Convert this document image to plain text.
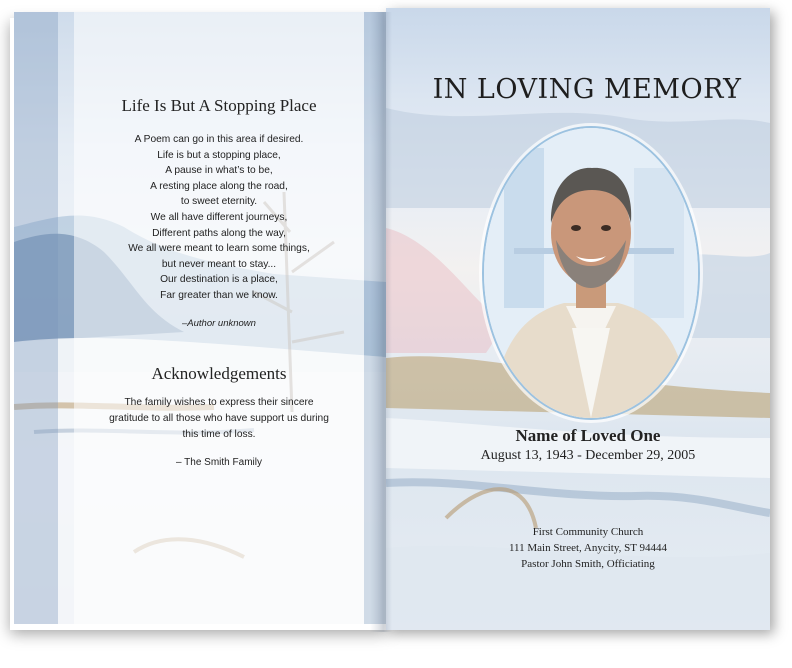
Life Is But A Stopping Place
A Poem can go in this area if desired.
Life is but a stopping place,
A pause in what’s to be,
A resting place along the road,
to sweet eternity.
We all have different journeys,
Different paths along the way,
We all were meant to learn some things,
but never meant to stay...
Our destination is a place,
Far greater than we know.
–Author unknown
Acknowledgements
The family wishes to express their sincere
gratitude to all those who have support us during
this time of loss.
– The Smith Family
IN LOVING MEMORY
Name of Loved One
August 13, 1943 - December 29, 2005
First Community Church
111 Main Street, Anycity, ST 94444
Pastor John Smith, Officiating
